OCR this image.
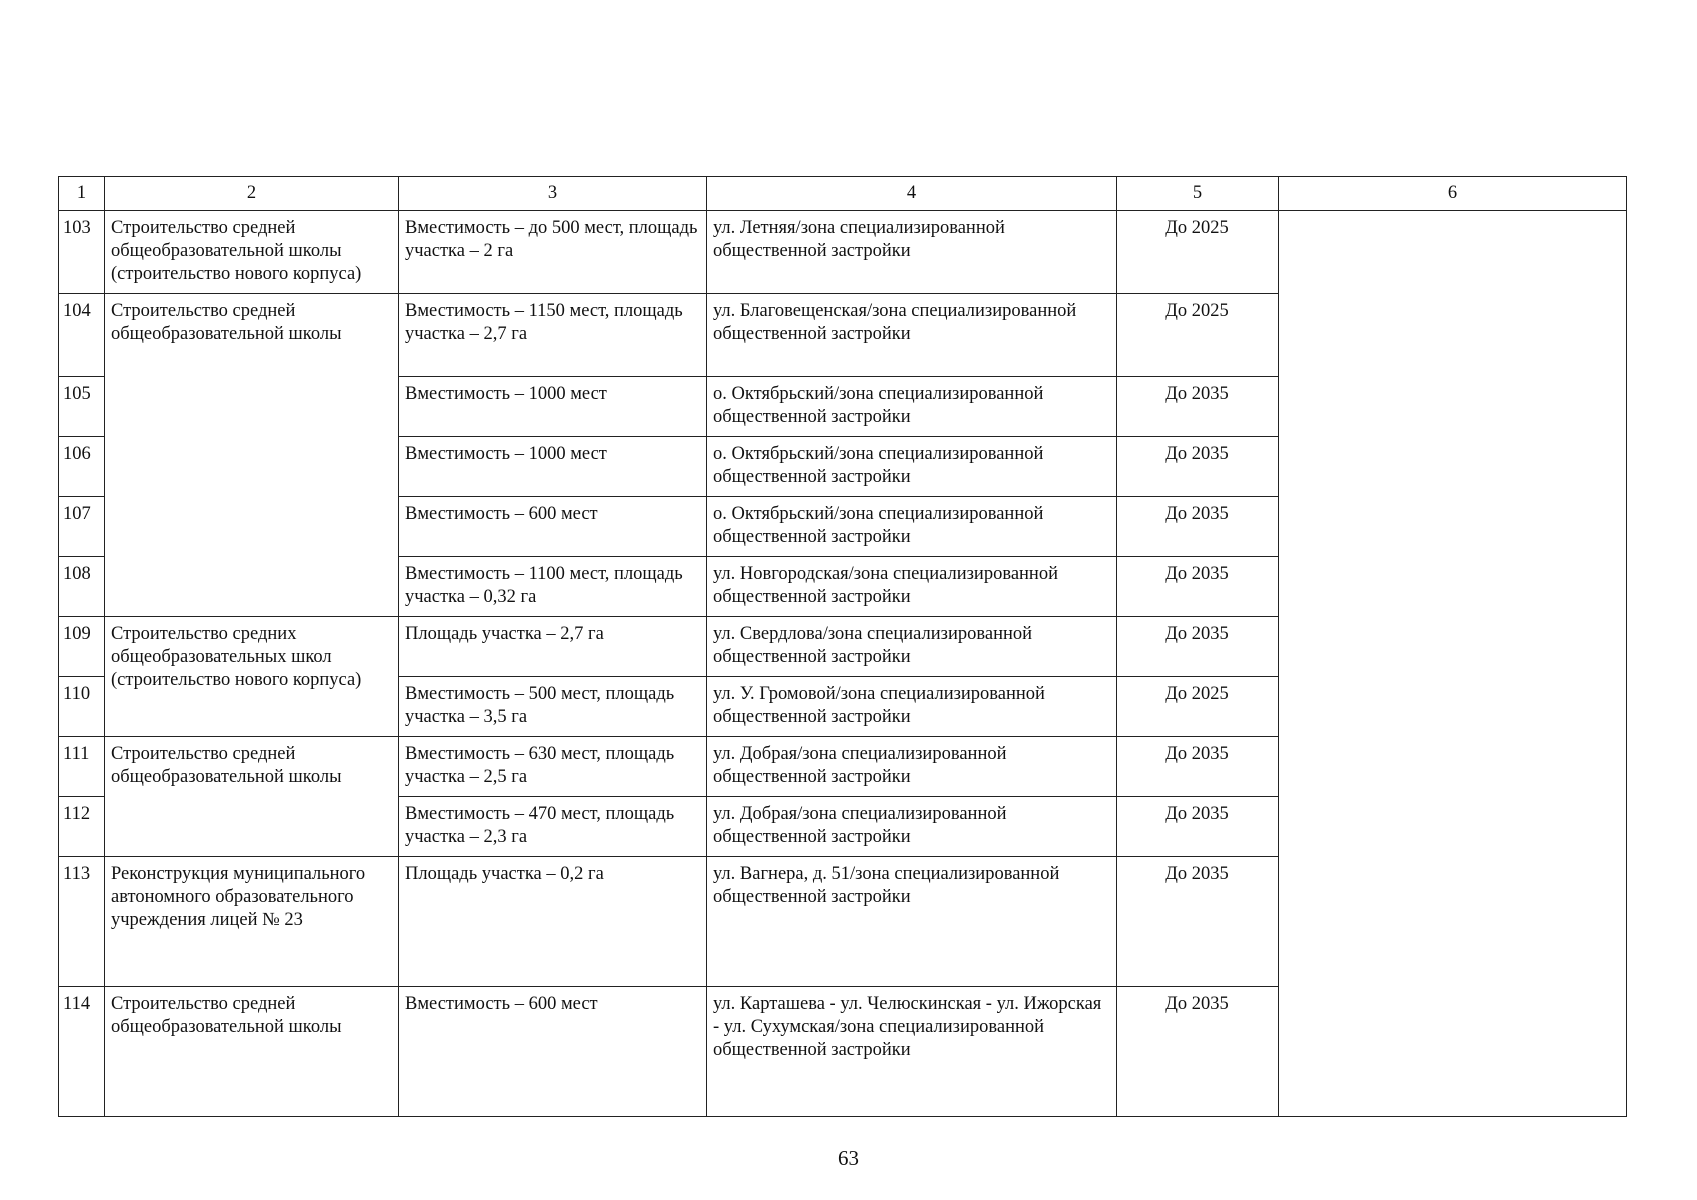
1	2	3	4	5	6
103	Строительство средней общеобразовательной школы (строительство нового корпуса)	Вместимость – до 500 мест, площадь участка – 2 га	ул. Летняя/зона специализированной общественной застройки	До 2025	
104	Строительство средней общеобразовательной школы	Вместимость – 1150 мест, площадь участка – 2,7 га	ул. Благовещенская/зона специализированной общественной застройки	До 2025	
105		Вместимость – 1000 мест	о. Октябрьский/зона специализированной общественной застройки	До 2035	
106		Вместимость – 1000 мест	о. Октябрьский/зона специализированной общественной застройки	До 2035	
107		Вместимость – 600 мест	о. Октябрьский/зона специализированной общественной застройки	До 2035	
108		Вместимость – 1100 мест, площадь участка – 0,32 га	ул. Новгородская/зона специализированной общественной застройки	До 2035	
109	Строительство средних общеобразовательных школ (строительство нового корпуса)	Площадь участка – 2,7 га	ул. Свердлова/зона специализированной общественной застройки	До 2035	
110		Вместимость – 500 мест, площадь участка – 3,5 га	ул. У. Громовой/зона специализированной общественной застройки	До 2025	
111	Строительство средней общеобразовательной школы	Вместимость – 630 мест, площадь участка – 2,5 га	ул. Добрая/зона специализированной общественной застройки	До 2035	
112		Вместимость – 470 мест, площадь участка – 2,3 га	ул. Добрая/зона специализированной общественной застройки	До 2035	
113	Реконструкция муниципального автономного образовательного учреждения лицей № 23	Площадь участка – 0,2 га	ул. Вагнера, д. 51/зона специализированной общественной застройки	До 2035	
114	Строительство средней общеобразовательной школы	Вместимость – 600 мест	ул. Карташева - ул. Челюскинская - ул. Ижорская - ул. Сухумская/зона специализированной общественной застройки	До 2035	
63
